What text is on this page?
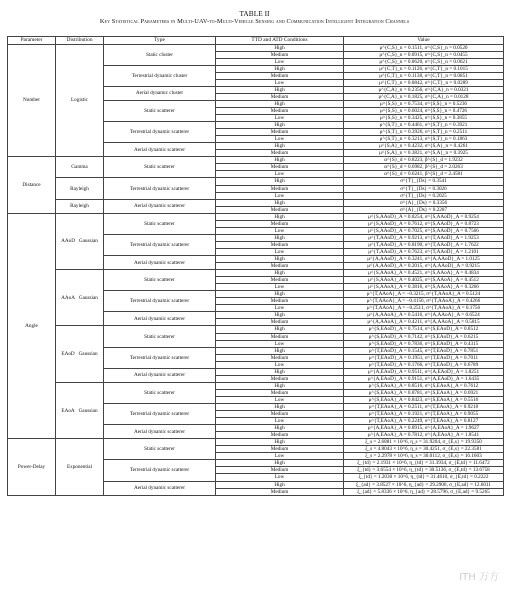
TABLE II
Key Statistical Parameters in Multi-UAV-to-Multi-Vehicle Sensing and Communication Intelligent Integration Channels
Parameter	Distribution	Type	TTD and ATD Conditions	Value
Number	Logistic	Static cluster	High	μ^{C,S}_n = 0.1511, σ^{C,S}_n = 0.0520
			Medium	μ^{C,S}_n = 0.0915, σ^{C,S}_n = 0.0455
			Low	μ^{C,S}_n = 0.0620, σ^{C,S}_n = 0.0621
		Terrestrial dynamic cluster	High	μ^{C,T}_n = 0.1126, σ^{C,T}_n = 0.1015
			Medium	μ^{C,T}_n = 0.1138, σ^{C,T}_n = 0.0851
			Low	μ^{C,T}_n = 0.0842, σ^{C,T}_n = 0.0289
		Aerial dynamic cluster	High	μ^{C,A}_n = 0.2356, σ^{C,A}_n = 0.0321
			Medium	μ^{C,A}_n = 0.1825, σ^{C,A}_n = 0.0128
		Static scatterer	High	μ^{S,S}_n = 0.7534, σ^{S,S}_n = 0.5236
			Medium	μ^{S,S}_n = 0.6024, σ^{S,S}_n = 0.4726
			Low	μ^{S,S}_n = 0.3425, σ^{S,S}_n = 0.3855
		Terrestrial dynamic scatterer	High	μ^{S,T}_n = 0.4461, σ^{S,T}_n = 0.3921
			Medium	μ^{S,T}_n = 0.3926, σ^{S,T}_n = 0.2511
			Low	μ^{S,T}_n = 0.3213, σ^{S,T}_n = 0.1863
		Aerial dynamic scatterer	High	μ^{S,A}_n = 0.4232, σ^{S,A}_n = 0.4261
			Medium	μ^{S,A}_n = 0.3821, σ^{S,A}_n = 0.3925
Distance	Gamma	Static scatterer	High	α^{S}_d = 0.8223, β^{S}_d = 1.9232
			Medium	α^{S}_d = 0.6982, β^{S}_d = 2.0263
			Low	α^{S}_d = 0.6241, β^{S}_d = 2.4581
	Rayleigh	Terrestrial dynamic scatterer	High	σ^{T}_{Ds} = 0.3541
			Medium	σ^{T}_{Ds} = 0.3026
			Low	σ^{T}_{Ds} = 0.2025
	Rayleigh	Aerial dynamic scatterer	High	σ^{A}_{Ds} = 0.3356
			Medium	σ^{A}_{Ds} = 0.2287
Angle	AAoD Gaussian	Static scatterer	High	μ^{S,AAoD}_A = 0.8254, σ^{S,AAoD}_A = 0.9254
			Medium	μ^{S,AAoD}_A = 0.7612, σ^{S,AAoD}_A = 0.8723
			Low	μ^{S,AAoD}_A = 0.7025, σ^{S,AAoD}_A = 0.7566
		Terrestrial dynamic scatterer	High	μ^{T,AAoD}_A = 0.9213, σ^{T,AAoD}_A = 1.9253
			Medium	μ^{T,AAoD}_A = 0.8190, σ^{T,AAoD}_A = 1.7622
			Low	μ^{T,AAoD}_A = 0.7623, σ^{T,AAoD}_A = 1.2101
		Aerial dynamic scatterer	High	μ^{A,AAoD}_A = 0.3241, σ^{A,AAoD}_A = 1.0125
			Medium	μ^{A,AAoD}_A = 0.2015, σ^{A,AAoD}_A = 0.9215
	AAoA Gaussian	Static scatterer	High	μ^{S,AAoA}_A = 0.4521, σ^{S,AAoA}_A = 0.4834
			Medium	μ^{S,AAoA}_A = 0.4025, σ^{S,AAoA}_A = 0.4512
			Low	μ^{S,AAoA}_A = 0.3816, σ^{S,AAoA}_A = 0.3266
		Terrestrial dynamic scatterer	High	μ^{T,AAoA}_A = −0.3215, σ^{T,AAoA}_A = 0.5124
			Medium	μ^{T,AAoA}_A = −0.4156, σ^{T,AAoA}_A = 0.4266
			Low	μ^{T,AAoA}_A = −0.2511, σ^{T,AAoA}_A = 0.1756
		Aerial dynamic scatterer	High	μ^{A,AAoA}_A = 0.5416, σ^{A,AAoA}_A = 0.6524
			Medium	μ^{A,AAoA}_A = 0.4211, σ^{A,AAoA}_A = 0.5815
	EAoD Gaussian	Static scatterer	High	μ^{S,EAoD}_A = 0.7514, σ^{S,EAoD}_A = 0.8512
			Medium	μ^{S,EAoD}_A = 0.7142, σ^{S,EAoD}_A = 0.6215
			Low	μ^{S,EAoD}_A = 0.7836, σ^{S,EAoD}_A = 0.4315
		Terrestrial dynamic scatterer	High	μ^{T,EAoD}_A = 0.1545, σ^{T,EAoD}_A = 0.7851
			Medium	μ^{T,EAoD}_A = 0.1951, σ^{T,EAoD}_A = 0.7011
			Low	μ^{T,EAoD}_A = 0.1766, σ^{T,EAoD}_A = 0.6789
		Aerial dynamic scatterer	High	μ^{A,EAoD}_A = 0.9511, σ^{A,EAoD}_A = 1.8251
			Medium	μ^{A,EAoD}_A = 0.9151, σ^{A,EAoD}_A = 1.6435
	EAoA Gaussian	Static scatterer	High	μ^{S,EAoA}_A = 0.8516, σ^{S,EAoA}_A = 0.7612
			Medium	μ^{S,EAoA}_A = 0.8781, σ^{S,EAoA}_A = 0.6921
			Low	μ^{S,EAoA}_A = 0.8423, σ^{S,EAoA}_A = 0.5516
		Terrestrial dynamic scatterer	High	μ^{T,EAoA}_A = 0.2511, σ^{T,EAoA}_A = 0.9218
			Medium	μ^{T,EAoA}_A = 0.1921, σ^{T,EAoA}_A = 0.9055
			Low	μ^{T,EAoA}_A = 0.2249, σ^{T,EAoA}_A = 0.8127
		Aerial dynamic scatterer	High	μ^{A,EAoA}_A = 0.8915, σ^{A,EAoA}_A = 1.9627
			Medium	μ^{A,EAoA}_A = 0.7812, σ^{A,EAoA}_A = 1.8541
Power-Delay	Exponential	Static scatterer	High	ξ_s = 2.6881 × 10^6, η_s = 31.9204, σ_{E,s} = 19.9350
			Medium	ξ_s = 4.8043 × 10^6, η_s = 30.4251, σ_{E,s} = 22.3581
			Low	ξ_s = 2.2978 × 10^6, η_s = 30.0112, σ_{E,s} = 16.1603
		Terrestrial dynamic scatterer	High	ξ_{td} = 2.1931 × 10^6, η_{td} = 31.3934, σ_{E,td} = 11.6472
			Medium	ξ_{td} = 3.6554 × 10^6, η_{td} = 30.5136, σ_{E,td} = 13.6758
			Low	ξ_{td} = 1.2030 × 10^6, η_{td} = 31.4610, σ_{E,td} = 0.2222
		Aerial dynamic scatterer	High	ξ_{ad} = 3.8527 × 10^6, η_{ad} = 29.2906, σ_{E,ad} = 12.6011
			Medium	ξ_{ad} = 5.8336 × 10^6, η_{ad} = 28.5796, σ_{E,ad} = 9.5265
ITH 万方
